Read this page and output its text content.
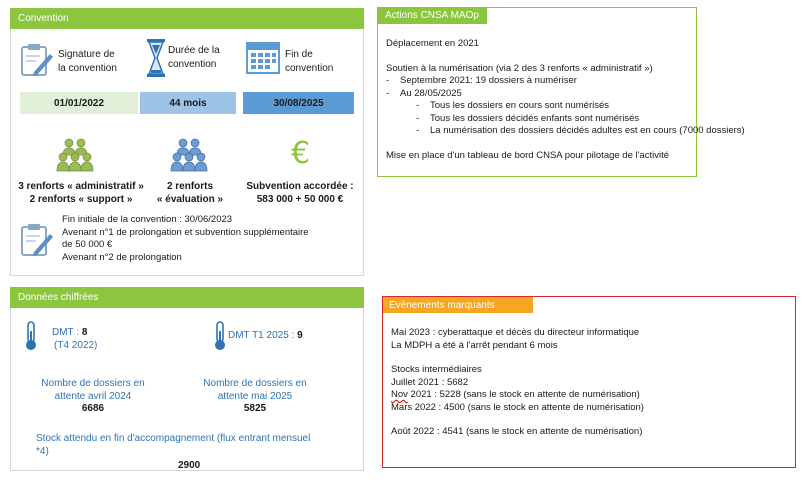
Convention
Signature de
la convention
Durée de la
convention
Fin de
convention
01/01/2022	44 mois	30/08/2025
€
3 renforts « administratif »
2 renforts « support »
2 renforts
« évaluation »
Subvention accordée :
583 000 + 50 000 €

Fin initiale de la convention : 30/06/2023

Avenant n°1 de prolongation et subvention supplémentaire

de 50 000 €

Avenant n°2 de prolongation

Données chiffrées
DMT : 8
(T4 2022)
DMT T1 2025 : 9
Nombre de dossiers en
attente avril 2024
6686
Nombre de dossiers en
attente mai 2025
5825
Stock attendu en fin d'accompagnement (flux entrant mensuel
*4)
2900
Actions CNSA MAOp

Déplacement en 2021

Soutien à la numérisation (via 2 des 3 renforts « administratif »)

- Septembre 2021: 19 dossiers à numériser

- Au 28/05/2025

- Tous les dossiers en cours sont numérisés

- Tous les dossiers décidés enfants sont numérisés

- La numérisation des dossiers décidés adultes est en cours (7000 dossiers)

Mise en place d'un tableau de bord CNSA pour pilotage de l'activité

Evènements marquants

Mai 2023 : cyberattaque et décès du directeur informatique

La MDPH a été à l'arrêt pendant 6 mois

Stocks intermédiaires

Juillet 2021 : 5682

Nov 2021 : 5228 (sans le stock en attente de numérisation)

Mars 2022 : 4500 (sans le stock en attente de numérisation)

Août 2022 : 4541 (sans le stock en attente de numérisation)
